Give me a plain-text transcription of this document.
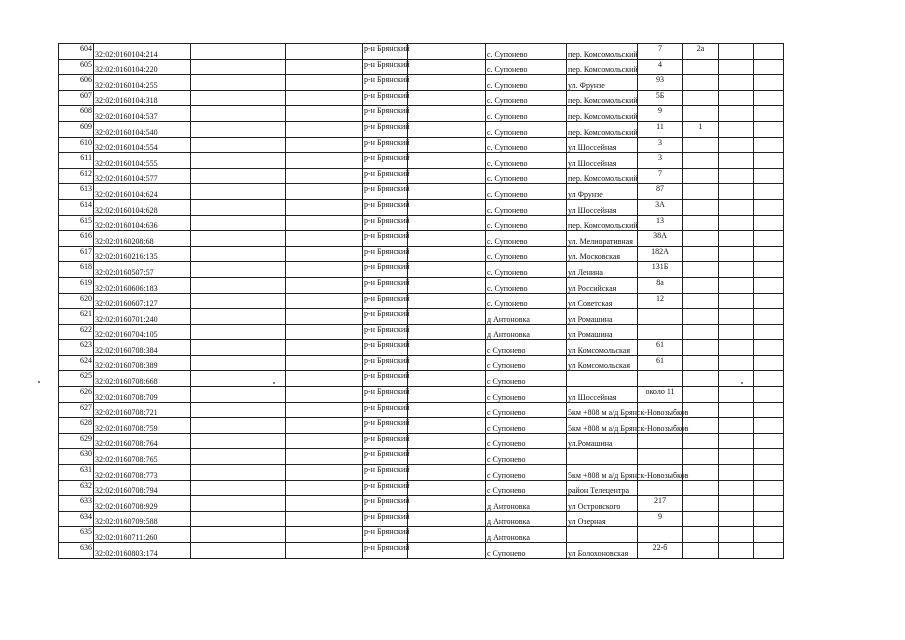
604	32:02:0160104:214			р-н Брянский		с. Супонево	пер. Комсомольский	7	2а		
605	32:02:0160104:220			р-н Брянский		с. Супонево	пер. Комсомольский	4			
606	32:02:0160104:255			р-н Брянский		с. Супонево	ул. Фрунзе	93			
607	32:02:0160104:318			р-н Брянский		с. Супонево	пер. Комсомольский	5Б			
608	32:02:0160104:537			р-н Брянский		с. Супонево	пер. Комсомольский	9			
609	32:02:0160104:540			р-н Брянский		с. Супонево	пер. Комсомольский	11	1		
610	32:02:0160104:554			р-н Брянский		с. Супонево	ул Шоссейная	3			
611	32:02:0160104:555			р-н Брянский		с. Супонево	ул Шоссейная	3			
612	32:02:0160104:577			р-н Брянский		с. Супонево	пер. Комсомольский	7			
613	32:02:0160104:624			р-н Брянский		с. Супонево	ул Фрунзе	87			
614	32:02:0160104:628			р-н Брянский		с. Супонево	ул Шоссейная	3А			
615	32:02:0160104:636			р-н Брянский		с. Супонево	пер. Комсомольский	13			
616	32:02:0160208:68			р-н Брянский		с. Супонево	ул. Мелиоративная	38А			
617	32:02:0160216:135			р-н Брянский		с. Супонево	ул. Московская	182А			
618	32:02:0160507:57			р-н Брянский		с. Супонево	ул Ленина	131Б			
619	32:02:0160606:183			р-н Брянский		с. Супонево	ул Российская	8а			
620	32:02:0160607:127			р-н Брянский		с. Супонево	ул Советская	12			
621	32:02:0160701:240			р-н Брянский		д Антоновка	ул Ромашина				
622	32:02:0160704:105			р-н Брянский		д Антоновка	ул Ромашина				
623	32:02:0160708:384			р-н Брянский		с Супонево	ул Комсомольская	61			
624	32:02:0160708:389			р-н Брянский		с Супонево	ул Комсомольская	61			
625	32:02:0160708:668			р-н Брянский		с Супонево					
626	32:02:0160708:709			р-н Брянский		с Супонево	ул Шоссейная	около 11			
627	32:02:0160708:721			р-н Брянский		с Супонево	5км +808 м а/д Брянск-Новозыбков				
628	32:02:0160708:759			р-н Брянский		с Супонево	5км +808 м а/д Брянск-Новозыбков				
629	32:02:0160708:764			р-н Брянский		с Супонево	ул.Ромашина				
630	32:02:0160708:765			р-н Брянский		с Супонево					
631	32:02:0160708:773			р-н Брянский		с Супонево	5км +808 м а/д Брянск-Новозыбков				
632	32:02:0160708:794			р-н Брянский		с Супонево	район Телецентра				
633	32:02:0160708:929			р-н Брянский		д Антоновка	ул Островского	217			
634	32:02:0160709:588			р-н Брянский		д Антоновка	ул Озерная	9			
635	32:02:0160711:260			р-н Брянский		д Антоновка					
636	32:02:0160803:174			р-н Брянский		с Супонево	ул Болохоновская	22-б			
